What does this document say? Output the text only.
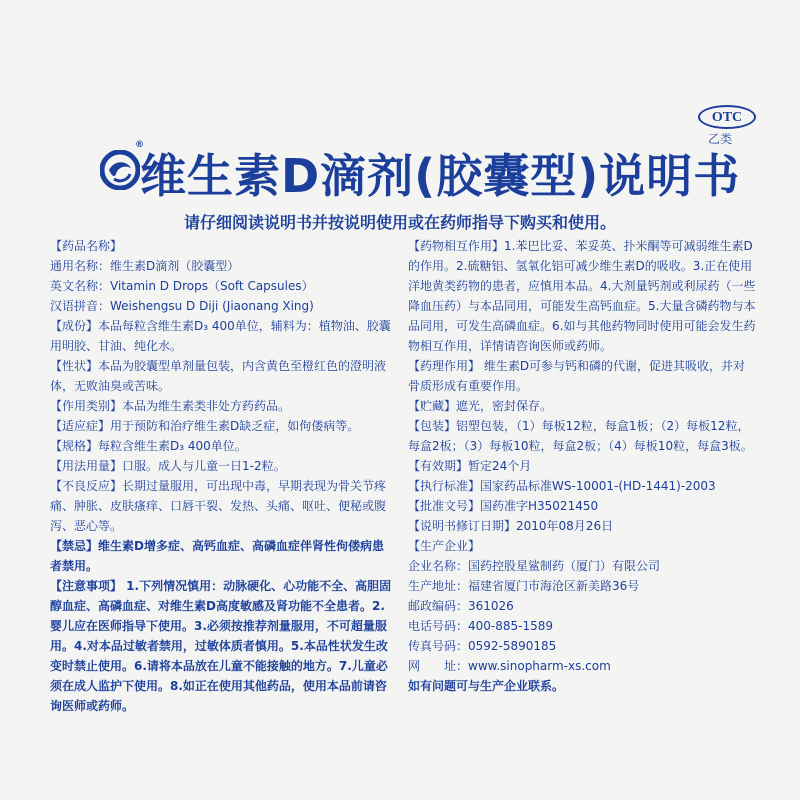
OTC
乙类
®
维生素D滴剂(胶囊型)说明书
请仔细阅读说明书并按说明使用或在药师指导下购买和使用。

【药品名称】

通用名称：维生素D滴剂（胶囊型）

英文名称：Vitamin D Drops（Soft Capsules）

汉语拼音：Weishengsu D Diji (Jiaonang Xing)

【成份】本品每粒含维生素D₃ 400单位，辅料为：植物油、胶囊用明胶、甘油、纯化水。

【性状】本品为胶囊型单剂量包装，内含黄色至橙红色的澄明液体，无败油臭或苦味。

【作用类别】本品为维生素类非处方药药品。

【适应症】用于预防和治疗维生素D缺乏症，如佝偻病等。

【规格】每粒含维生素D₃ 400单位。

【用法用量】口服。成人与儿童一日1-2粒。

【不良反应】长期过量服用，可出现中毒，早期表现为骨关节疼痛、肿胀、皮肤瘙痒、口唇干裂、发热、头痛、呕吐、便秘或腹泻、恶心等。

【禁忌】维生素D增多症、高钙血症、高磷血症伴肾性佝偻病患者禁用。

【注意事项】 1.下列情况慎用：动脉硬化、心功能不全、高胆固醇血症、高磷血症、对维生素D高度敏感及肾功能不全患者。2.婴儿应在医师指导下使用。3.必须按推荐剂量服用，不可超量服用。4.对本品过敏者禁用，过敏体质者慎用。5.本品性状发生改变时禁止使用。6.请将本品放在儿童不能接触的地方。7.儿童必须在成人监护下使用。8.如正在使用其他药品，使用本品前请咨询医师或药师。

【药物相互作用】1.苯巴比妥、苯妥英、扑米酮等可减弱维生素D的作用。2.硫糖铝、氢氧化铝可减少维生素D的吸收。3.正在使用洋地黄类药物的患者，应慎用本品。4.大剂量钙剂或利尿药（一些降血压药）与本品同用，可能发生高钙血症。5.大量含磷药物与本品同用，可发生高磷血症。6.如与其他药物同时使用可能会发生药物相互作用，详情请咨询医师或药师。

【药理作用】 维生素D可参与钙和磷的代谢，促进其吸收，并对骨质形成有重要作用。

【贮藏】遮光，密封保存。

【包装】铝塑包装，（1）每板12粒，每盒1板；（2）每板12粒，每盒2板；（3）每板10粒，每盒2板；（4）每板10粒，每盒3板。

【有效期】暂定24个月

【执行标准】国家药品标准WS-10001-(HD-1441)-2003

【批准文号】国药准字H35021450

【说明书修订日期】2010年08月26日

【生产企业】

企业名称：国药控股星鲨制药（厦门）有限公司

生产地址：福建省厦门市海沧区新美路36号

邮政编码：361026

电话号码：400-885-1589

传真号码：0592-5890185

网　　址：www.sinopharm-xs.com

如有问题可与生产企业联系。
